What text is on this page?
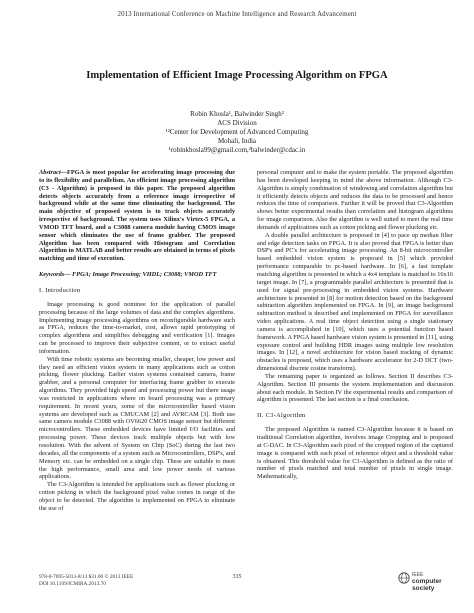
2013 International Conference on Machine Intelligence and Research Advancement
Implementation of Efficient Image Processing Algorithm on FPGA
Robin Khosla¹, Balwinder Singh²
ACS Division
¹²Center for Development of Advanced Computing
Mohali, India
¹robinkhosla99@gmail.com,²balwinder@cdac.in

Abstract—FPGA is most popular for accelerating image processing due to its flexibility and parallelism. An efficient image processing algorithm (C3 - Algorithm) is proposed in this paper. The proposed algorithm detects objects accurately from a reference image irrespective of background while at the same time eliminating the background. The main objective of proposed system is to track objects accurately irrespective of background. The system uses Xilinx's Virtex-5 FPGA, a VMOD TFT board, and a C3088 camera module having CMOS image sensor which eliminates the use of frame grabber. The proposed Algorithm has been compared with Histogram and Correlation Algorithm in MATLAB and better results are obtained in terms of pixels matching and time of execution.

Keywords— FPGA; Image Processing; VHDL; C3088; VMOD TFT

I. Introduction

Image processing is good nominee for the application of parallel processing because of the large volumes of data and the complex algorithms. Implementing image processing algorithms on reconfigurable hardware such as FPGA, reduces the time-to-market, cost, allows rapid prototyping of complex algorithms and simplifies debugging and verification [1]. Images can be processed to improve their subjective content, or to extract useful information.

With time robotic systems are becoming smaller, cheaper, low power and they need an efficient vision system in many applications such as cotton picking, flower plucking. Earlier vision systems contained camera, frame grabber, and a personal computer for interfacing frame grabber to execute algorithms. They provided high speed and processing power but there usage was restricted in applications where on board processing was a primary requirement. In recent years, some of the microcontroller based vision systems are developed such as CMUCAM [2] and AVRCAM [3]. Both use same camera module C3088 with OV6620 CMOS image sensor but different microcontrollers. These embedded devices have limited I/O facilities and processing power. These devices track multiple objects but with low resolution. With the advent of System on Chip (SoC) during the last two decades, all the components of a system such as Microcontrollers, DSP's, and Memory etc. can be embedded on a single chip. These are suitable to meet the high performance, small area and low power needs of various applications.

The C3-Algorithm is intended for applications such as flower plucking or cotton picking in which the background pixel value comes in range of the object to be detected. The algorithm is implemented on FPGA to eliminate the use of

personal computer and to make the system portable. The proposed algorithm has been developed keeping in mind the above information. Although C3-Algorithm is simply combination of windowing and correlation algorithm but it efficiently detects objects and reduces the data to be processed and hence reduces the time of comparison. Further it will be proved that C3-Algorithm shows better experimental results than correlation and histogram algorithms for image comparison. Also the algorithm is well suited to meet the real time demands of applications such as cotton picking and flower plucking etc.

A double parallel architecture is proposed in [4] to pace up median filter and edge detection tasks on FPGA. It is also proved that FPGA is better than DSP's and PC's for accelerating image processing. An 8-bit microcontroller based embedded vision system is proposed in [5] which provided performance comparable to pc-based hardware. In [6], a fast template matching algorithm is presented in which a 4x4 template is matched to 16x16 target image. In [7], a programmable parallel architecture is presented that is used for signal pre-processing in embedded vision systems. Hardware architecture is presented in [8] for motion detection based on the background subtraction algorithm implemented on FPGA. In [9], an image background subtraction method is described and implemented on FPGA for surveillance video applications. A real time object detection using a single stationary camera is accomplished in [10], which uses a potential function based framework. A FPGA based hardware vision system is presented in [11], using exposure control and building HDR images using multiple low resolution images. In [12], a novel architecture for vision based tracking of dynamic obstacles is proposed, which uses a hardware accelerator for 2-D DCT (two-dimensional discrete cosine transform).

The remaining paper is organized as follows. Section II describes C3-Algorithm. Section III presents the system implementation and discussion about each module. In Section IV the experimental results and comparison of algorithm is presented. The last section is a final conclusion.

II. C3-Algorithm

The proposed Algorithm is named C3-Algorithm because it is based on traditional Correlation algorithm, involves image Cropping and is proposed at C-DAC. In C3-Algorithm each pixel of the cropped region of the captured image is compared with each pixel of reference object and a threshold value is obtained. This threshold value for C3-Algorithm is defined as the ratio of number of pixels matched and total number of pixels in single image. Mathematically,

978-0-7695-5013-8/13 $31.00 © 2013 IEEE
DOI 10.1109/ICMIRA.2013.70
335	IEEE
computer society
